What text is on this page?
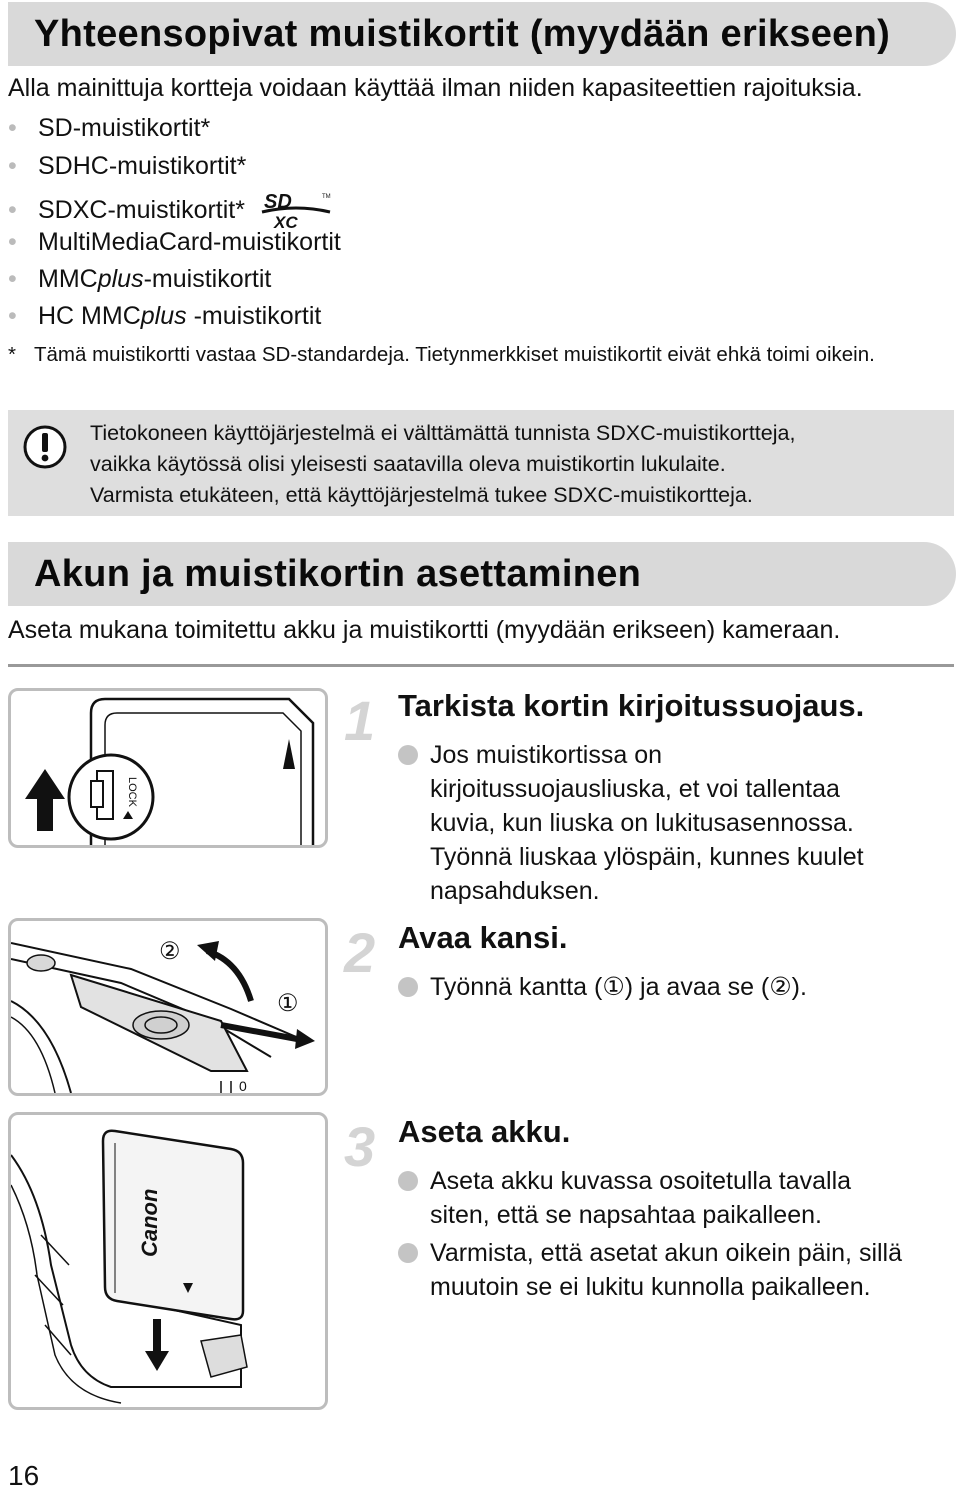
Yhteensopivat muistikortit (myydään erikseen)
Alla mainittuja kortteja voidaan käyttää ilman niiden kapasiteettien rajoituksia.
• SD-muistikortit*
• SDHC-muistikortit*
• SDXC-muistikortit* SD
XC
TM
• MultiMediaCard-muistikortit
• MMCplus-muistikortit
• HC MMCplus -muistikortit
* Tämä muistikortti vastaa SD-standardeja. Tietynmerkkiset muistikortit eivät ehkä toimi oikein.
Tietokoneen käyttöjärjestelmä ei välttämättä tunnista SDXC-muistikortteja,
vaikka käytössä olisi yleisesti saatavilla oleva muistikortin lukulaite.
Varmista etukäteen, että käyttöjärjestelmä tukee SDXC-muistikortteja.
Akun ja muistikortin asettaminen
Aseta mukana toimitettu akku ja muistikortti (myydään erikseen) kameraan.
LOCK
②
①
0
Canon
1 Tarkista kortin kirjoitussuojaus.
Jos muistikortissa on
kirjoitussuojausliuska, et voi tallentaa
kuvia, kun liuska on lukitusasennossa.
Työnnä liuskaa ylöspäin, kunnes kuulet
napsahduksen.
2 Avaa kansi.
Työnnä kantta (①) ja avaa se (②).
3 Aseta akku.
Aseta akku kuvassa osoitetulla tavalla
siten, että se napsahtaa paikalleen.
Varmista, että asetat akun oikein päin, sillä
muutoin se ei lukitu kunnolla paikalleen.
16
